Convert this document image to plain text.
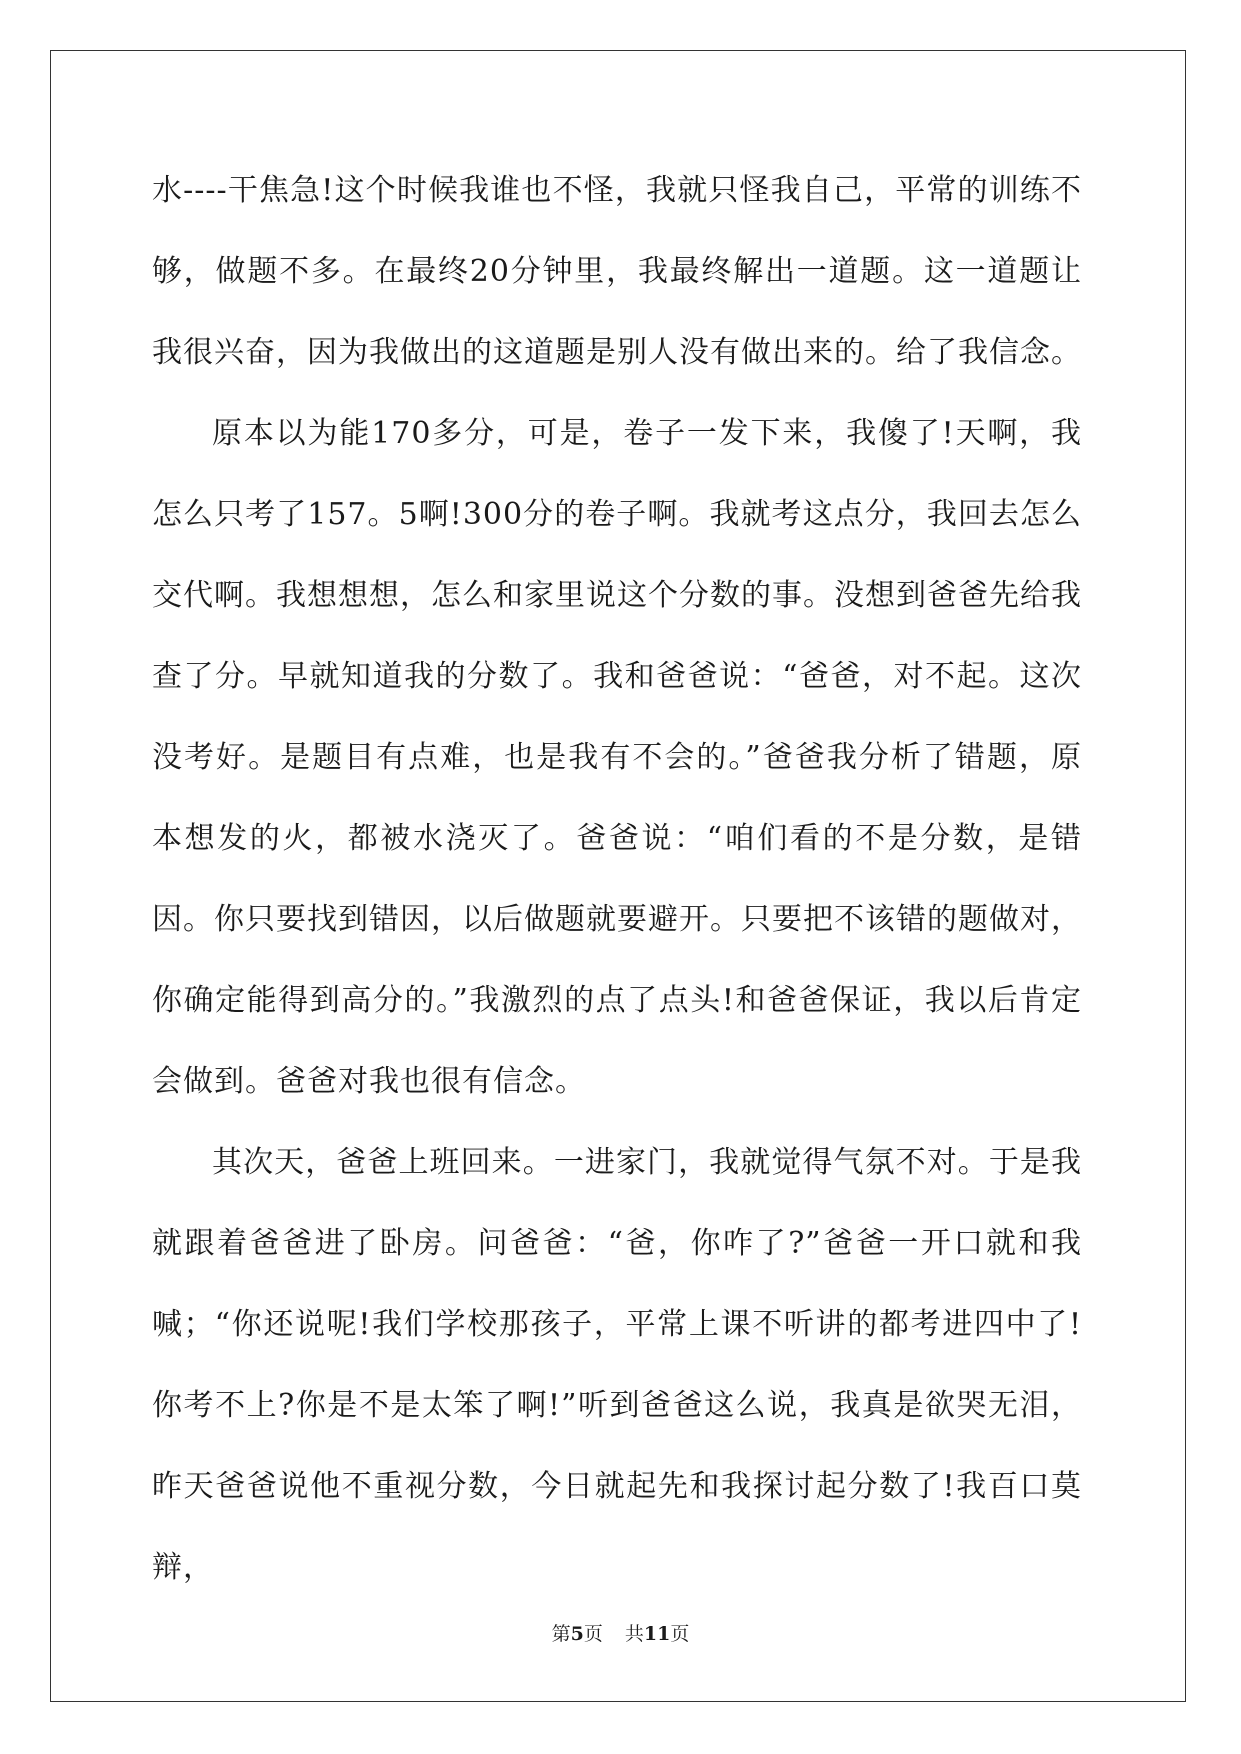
水----干焦急!这个时候我谁也不怪，我就只怪我自己，平常的训练不够，做题不多。在最终20分钟里，我最终解出一道题。这一道题让我很兴奋，因为我做出的这道题是别人没有做出来的。给了我信念。

原本以为能170多分，可是，卷子一发下来，我傻了!天啊，我怎么只考了157。5啊!300分的卷子啊。我就考这点分，我回去怎么交代啊。我想想想，怎么和家里说这个分数的事。没想到爸爸先给我查了分。早就知道我的分数了。我和爸爸说：“爸爸，对不起。这次没考好。是题目有点难，也是我有不会的。”爸爸我分析了错题，原本想发的火，都被水浇灭了。爸爸说：“咱们看的不是分数，是错因。你只要找到错因，以后做题就要避开。只要把不该错的题做对，你确定能得到高分的。”我激烈的点了点头!和爸爸保证，我以后肯定会做到。爸爸对我也很有信念。

其次天，爸爸上班回来。一进家门，我就觉得气氛不对。于是我就跟着爸爸进了卧房。问爸爸：“爸，你咋了?”爸爸一开口就和我喊；“你还说呢!我们学校那孩子，平常上课不听讲的都考进四中了!你考不上?你是不是太笨了啊!”听到爸爸这么说，我真是欲哭无泪，昨天爸爸说他不重视分数，今日就起先和我探讨起分数了!我百口莫辩，

第5页 共11页
